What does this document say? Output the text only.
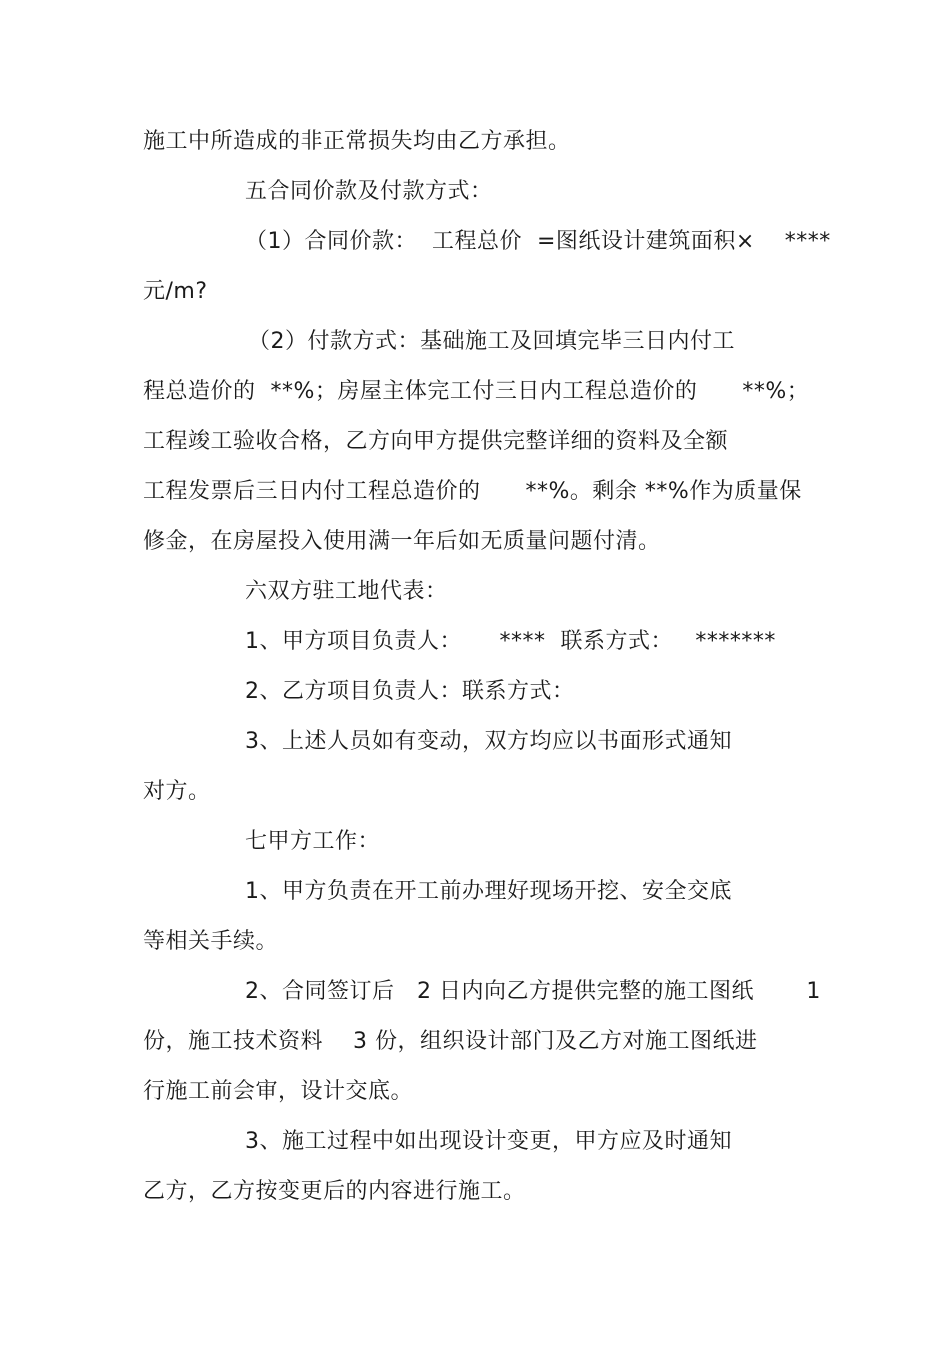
施工中所造成的非正常损失均由乙方承担。
五合同价款及付款方式：
（1）合同价款：  工程总价  =图纸设计建筑面积×    ****
元/m?
（2）付款方式：基础施工及回填完毕三日内付工
程总造价的  **%；房屋主体完工付三日内工程总造价的      **%；
工程竣工验收合格，乙方向甲方提供完整详细的资料及全额
工程发票后三日内付工程总造价的      **%。剩余 **%作为质量保
修金，在房屋投入使用满一年后如无质量问题付清。
六双方驻工地代表：
1、甲方项目负责人：     ****  联系方式：   *******
2、乙方项目负责人：联系方式：
3、上述人员如有变动，双方均应以书面形式通知
对方。
七甲方工作：
1、甲方负责在开工前办理好现场开挖、安全交底
等相关手续。
2、合同签订后   2 日内向乙方提供完整的施工图纸       1
份，施工技术资料    3 份，组织设计部门及乙方对施工图纸进
行施工前会审，设计交底。
3、施工过程中如出现设计变更，甲方应及时通知
乙方，乙方按变更后的内容进行施工。
